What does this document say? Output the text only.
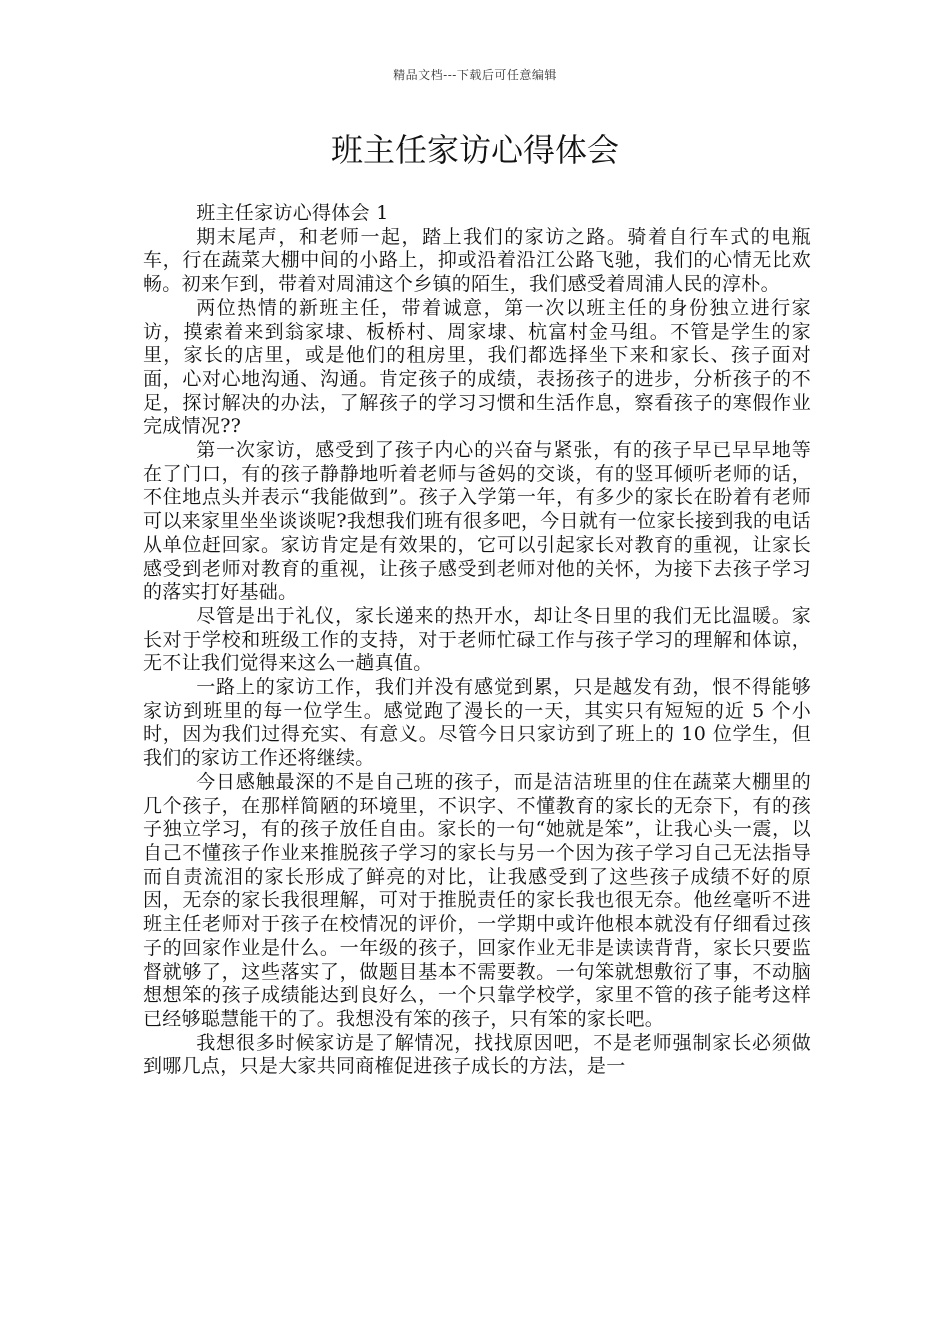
精品文档---下载后可任意编辑
班主任家访心得体会

班主任家访心得体会 1

期末尾声，和老师一起，踏上我们的家访之路。骑着自行车式的电瓶车，行在蔬菜大棚中间的小路上，抑或沿着沿江公路飞驰，我们的心情无比欢畅。初来乍到，带着对周浦这个乡镇的陌生，我们感受着周浦人民的淳朴。

两位热情的新班主任，带着诚意，第一次以班主任的身份独立进行家访，摸索着来到翁家埭、板桥村、周家埭、杭富村金马组。不管是学生的家里，家长的店里，或是他们的租房里，我们都选择坐下来和家长、孩子面对面，心对心地沟通、沟通。肯定孩子的成绩，表扬孩子的进步，分析孩子的不足，探讨解决的办法，了解孩子的学习习惯和生活作息，察看孩子的寒假作业完成情况??

第一次家访，感受到了孩子内心的兴奋与紧张，有的孩子早已早早地等在了门口，有的孩子静静地听着老师与爸妈的交谈，有的竖耳倾听老师的话，不住地点头并表示“我能做到”。孩子入学第一年，有多少的家长在盼着有老师可以来家里坐坐谈谈呢?我想我们班有很多吧，今日就有一位家长接到我的电话从单位赶回家。家访肯定是有效果的，它可以引起家长对教育的重视，让家长感受到老师对教育的重视，让孩子感受到老师对他的关怀，为接下去孩子学习的落实打好基础。

尽管是出于礼仪，家长递来的热开水，却让冬日里的我们无比温暖。家长对于学校和班级工作的支持，对于老师忙碌工作与孩子学习的理解和体谅，无不让我们觉得来这么一趟真值。

一路上的家访工作，我们并没有感觉到累，只是越发有劲，恨不得能够家访到班里的每一位学生。感觉跑了漫长的一天，其实只有短短的近 5 个小时，因为我们过得充实、有意义。尽管今日只家访到了班上的 10 位学生，但我们的家访工作还将继续。

今日感触最深的不是自己班的孩子，而是洁洁班里的住在蔬菜大棚里的几个孩子，在那样简陋的环境里，不识字、不懂教育的家长的无奈下，有的孩子独立学习，有的孩子放任自由。家长的一句“她就是笨”，让我心头一震，以自己不懂孩子作业来推脱孩子学习的家长与另一个因为孩子学习自己无法指导而自责流泪的家长形成了鲜亮的对比，让我感受到了这些孩子成绩不好的原因，无奈的家长我很理解，可对于推脱责任的家长我也很无奈。他丝毫听不进班主任老师对于孩子在校情况的评价，一学期中或许他根本就没有仔细看过孩子的回家作业是什么。一年级的孩子，回家作业无非是读读背背，家长只要监督就够了，这些落实了，做题目基本不需要教。一句笨就想敷衍了事，不动脑想想笨的孩子成绩能达到良好么，一个只靠学校学，家里不管的孩子能考这样已经够聪慧能干的了。我想没有笨的孩子，只有笨的家长吧。

我想很多时候家访是了解情况，找找原因吧，不是老师强制家长必须做到哪几点，只是大家共同商榷促进孩子成长的方法，是一
